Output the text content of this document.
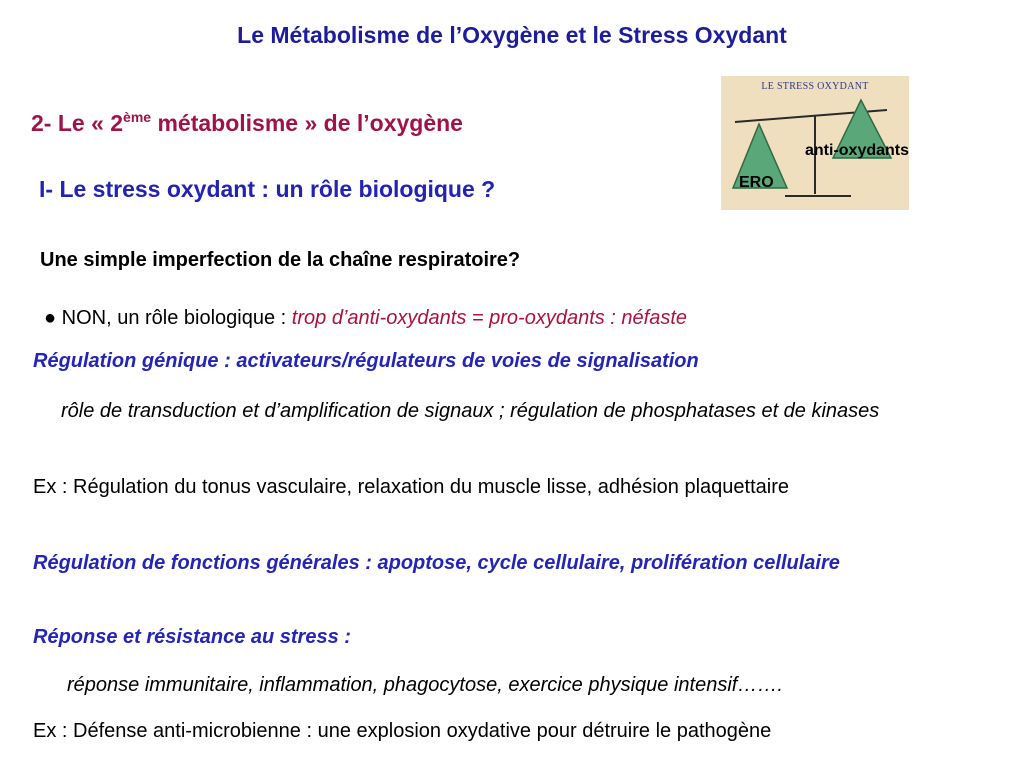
Le Métabolisme de l’Oxygène et le Stress Oxydant
2- Le « 2ème métabolisme » de l’oxygène
I- Le stress oxydant : un rôle biologique ?
Une simple imperfection de la chaîne respiratoire?
● NON, un rôle biologique : trop d’anti-oxydants = pro-oxydants : néfaste
Régulation génique : activateurs/régulateurs de voies de signalisation
rôle de transduction et d’amplification de signaux ; régulation de phosphatases et de kinases
Ex : Régulation du tonus vasculaire, relaxation du muscle lisse, adhésion plaquettaire
Régulation de fonctions générales : apoptose, cycle cellulaire, prolifération cellulaire
Réponse et résistance au stress :
réponse immunitaire, inflammation, phagocytose, exercice physique intensif…….
Ex : Défense anti-microbienne : une explosion oxydative pour détruire le pathogène
LE STRESS OXYDANT
ERO
anti-oxydants
